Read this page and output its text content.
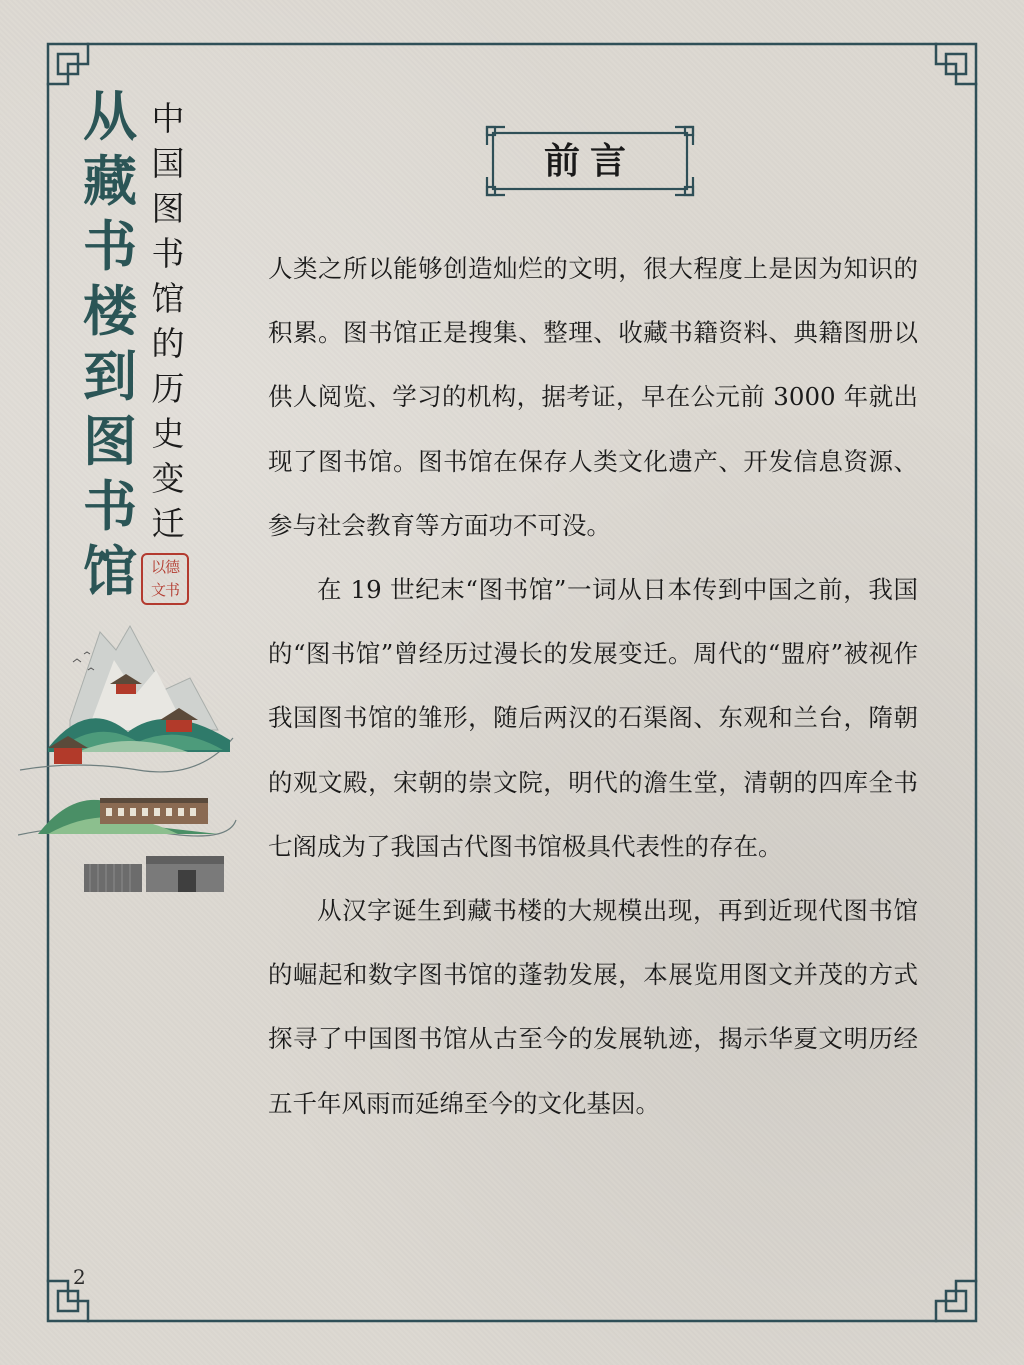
从
藏
书
楼
到
图
书
馆
中
国
图
书
馆
的
历
史
变
迁
以德
文书
前言

人类之所以能够创造灿烂的文明，很大程度上是因为知识的积累。图书馆正是搜集、整理、收藏书籍资料、典籍图册以供人阅览、学习的机构，据考证，早在公元前 3000 年就出现了图书馆。图书馆在保存人类文化遗产、开发信息资源、参与社会教育等方面功不可没。

在 19 世纪末“图书馆”一词从日本传到中国之前，我国的“图书馆”曾经历过漫长的发展变迁。周代的“盟府”被视作我国图书馆的雏形，随后两汉的石渠阁、东观和兰台，隋朝的观文殿，宋朝的崇文院，明代的澹生堂，清朝的四库全书七阁成为了我国古代图书馆极具代表性的存在。

从汉字诞生到藏书楼的大规模出现，再到近现代图书馆的崛起和数字图书馆的蓬勃发展，本展览用图文并茂的方式探寻了中国图书馆从古至今的发展轨迹，揭示华夏文明历经五千年风雨而延绵至今的文化基因。

2
